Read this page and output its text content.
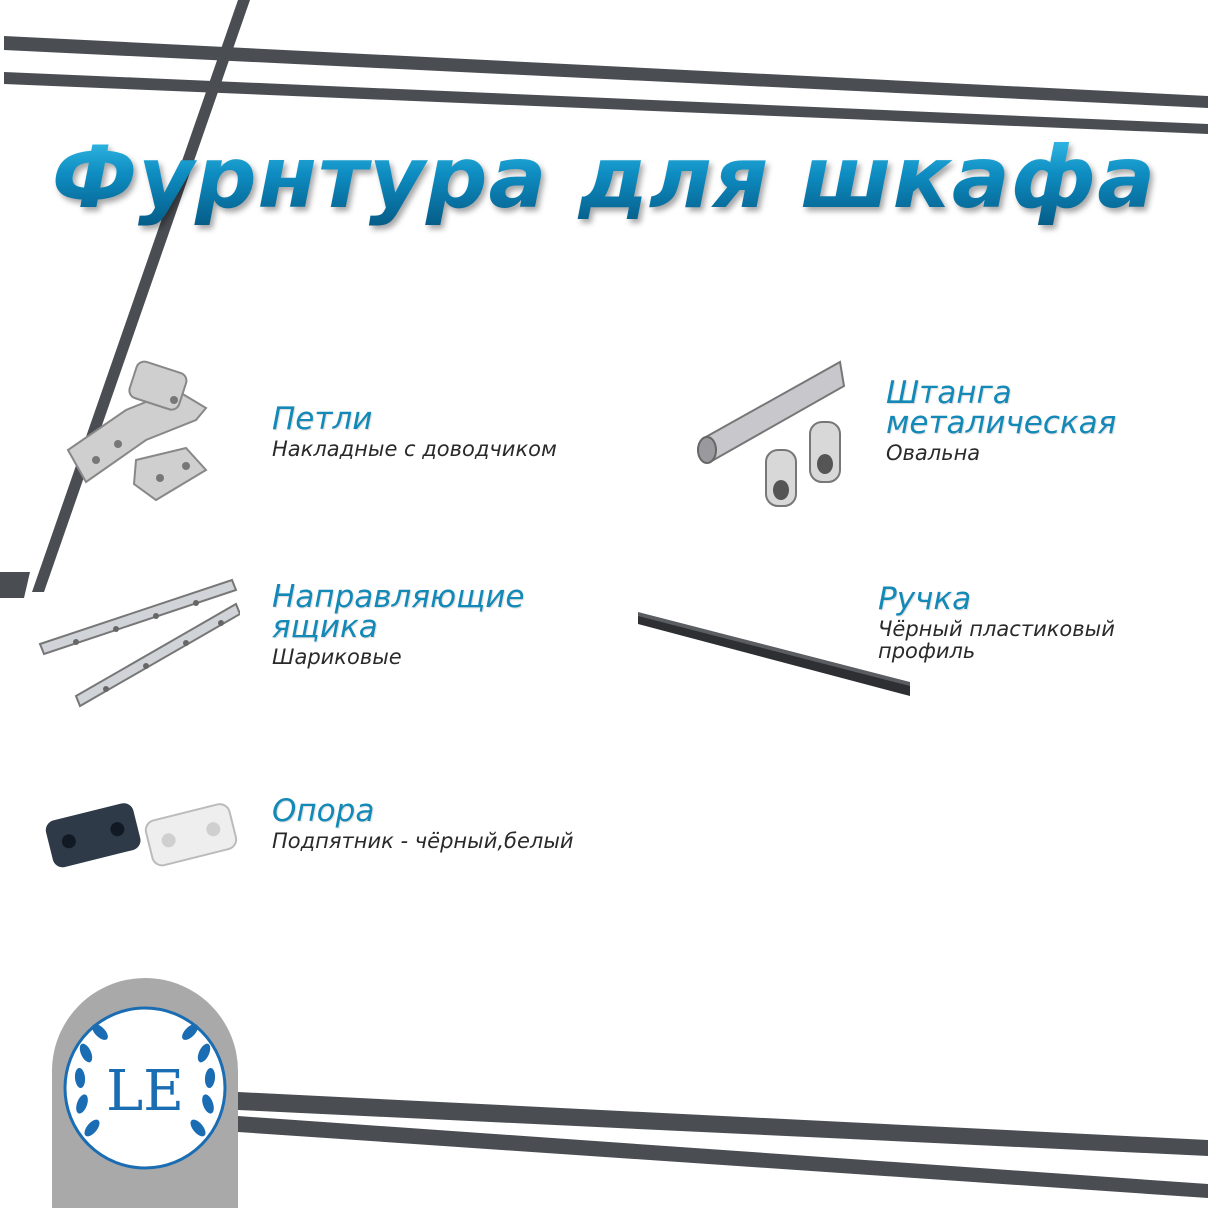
Фурнтура для шкафа
Петли
Накладные с доводчиком
Штанга
металическая
Овальна
Направляющие
ящика
Шариковые
Ручка
Чёрный пластиковый
профиль
Опора
Подпятник - чёрный,белый
LE
